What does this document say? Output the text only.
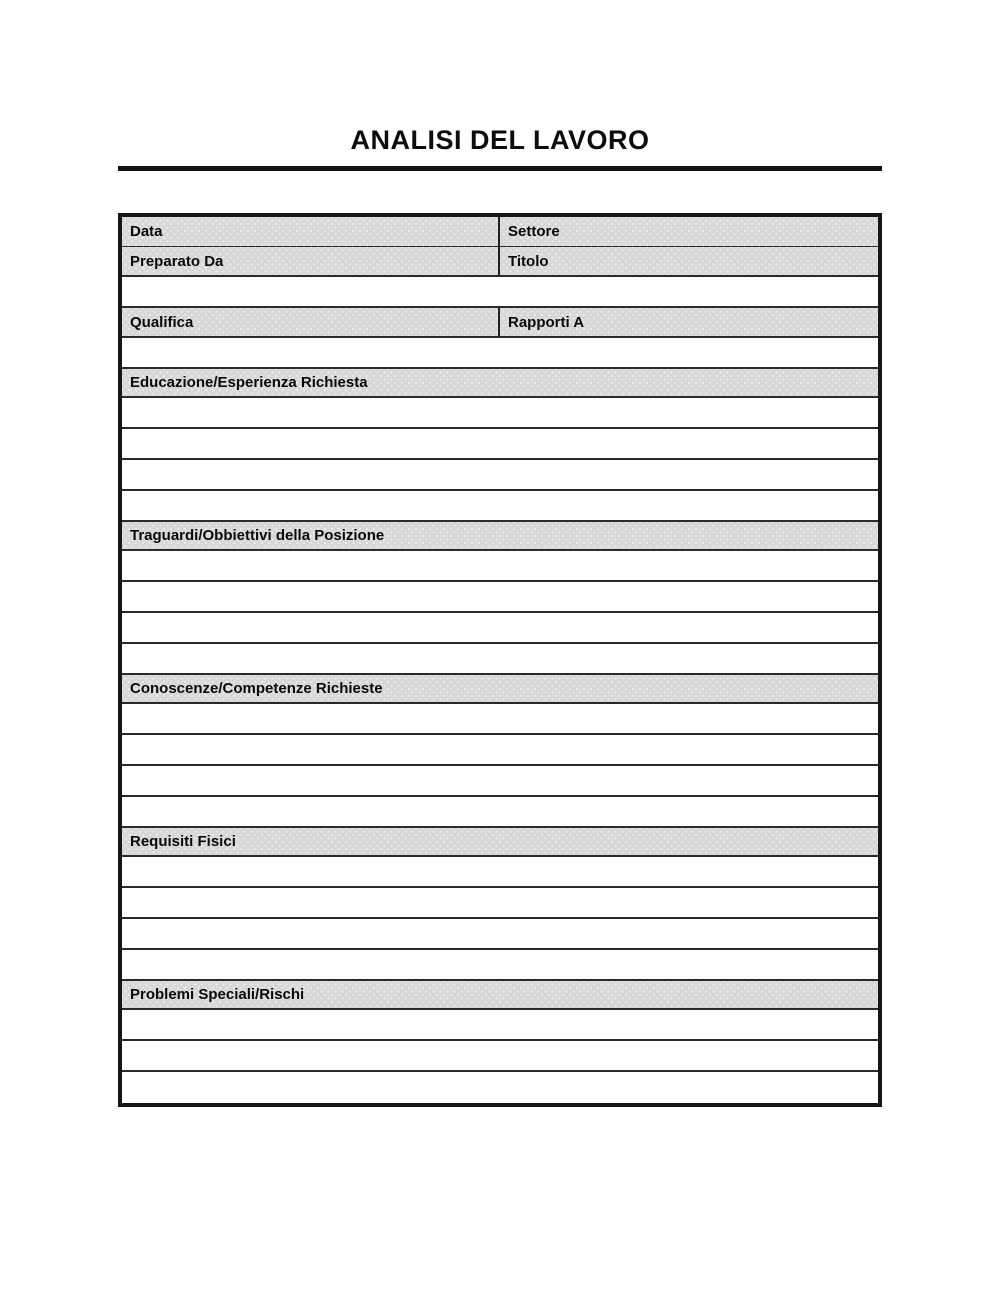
ANALISI DEL LAVORO
Data	Settore
Preparato Da	Titolo
Qualifica	Rapporti A
Educazione/Esperienza Richiesta
Traguardi/Obbiettivi della Posizione
Conoscenze/Competenze Richieste
Requisiti Fisici
Problemi Speciali/Rischi
